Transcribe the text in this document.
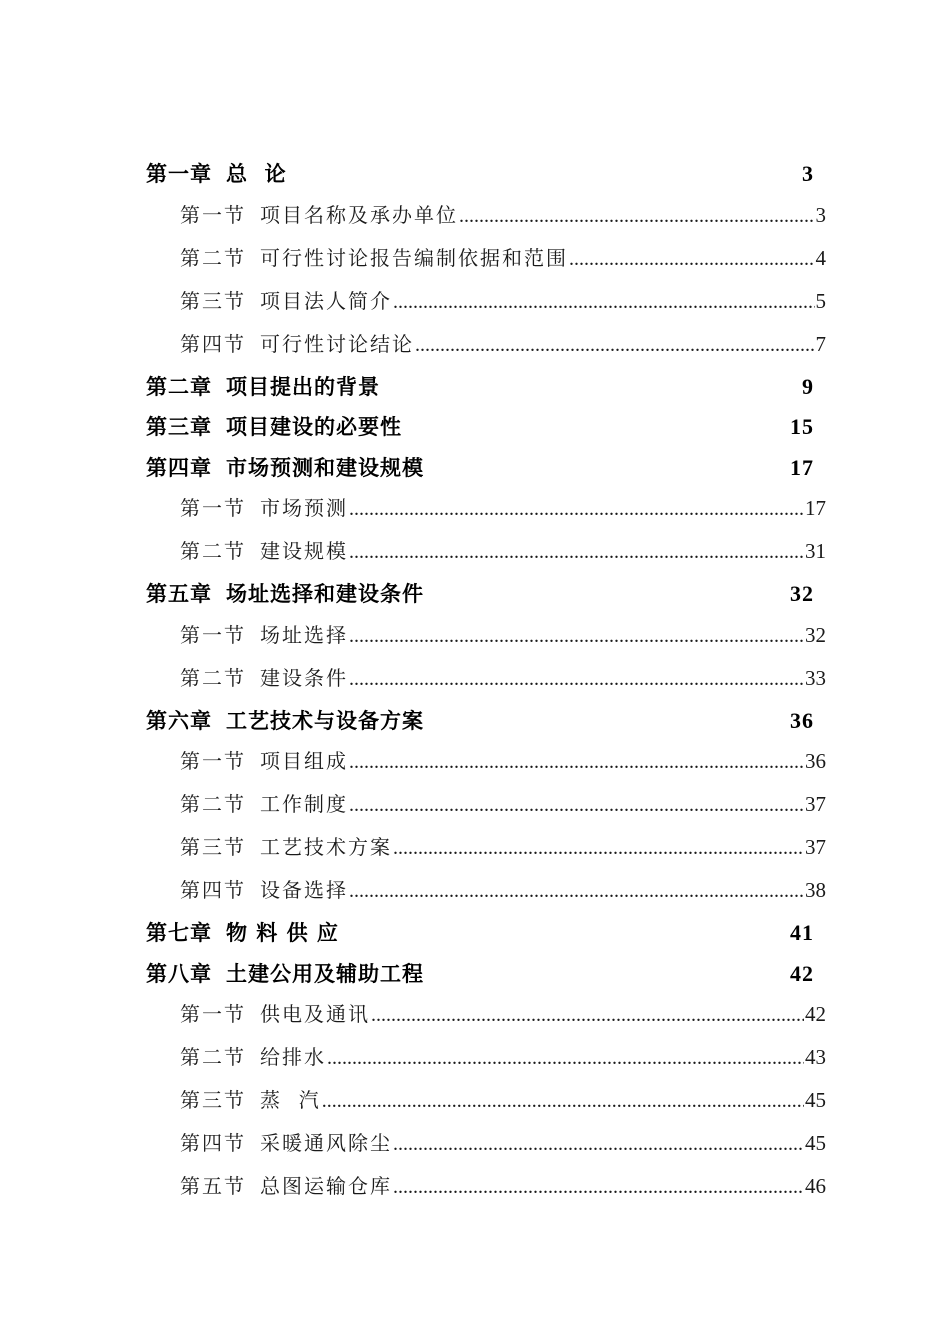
第一章 总  论	3
第一节 项目名称及承办单位 .....	3
第二节 可行性讨论报告编制依据和范围 .....	4
第三节 项目法人简介 .....	5
第四节 可行性讨论结论 .....	7
第二章 项目提出的背景	9
第三章 项目建设的必要性	15
第四章 市场预测和建设规模	17
第一节 市场预测 .....	17
第二节 建设规模 .....	31
第五章 场址选择和建设条件	32
第一节 场址选择 .....	32
第二节 建设条件 .....	33
第六章 工艺技术与设备方案	36
第一节 项目组成 .....	36
第二节 工作制度 .....	37
第三节 工艺技术方案 .....	37
第四节 设备选择 .....	38
第七章 物 料 供 应	41
第八章 土建公用及辅助工程	42
第一节 供电及通讯 .....	42
第二节 给排水 .....	43
第三节 蒸  汽 .....	45
第四节 采暖通风除尘 .....	45
第五节 总图运输仓库 .....	46
